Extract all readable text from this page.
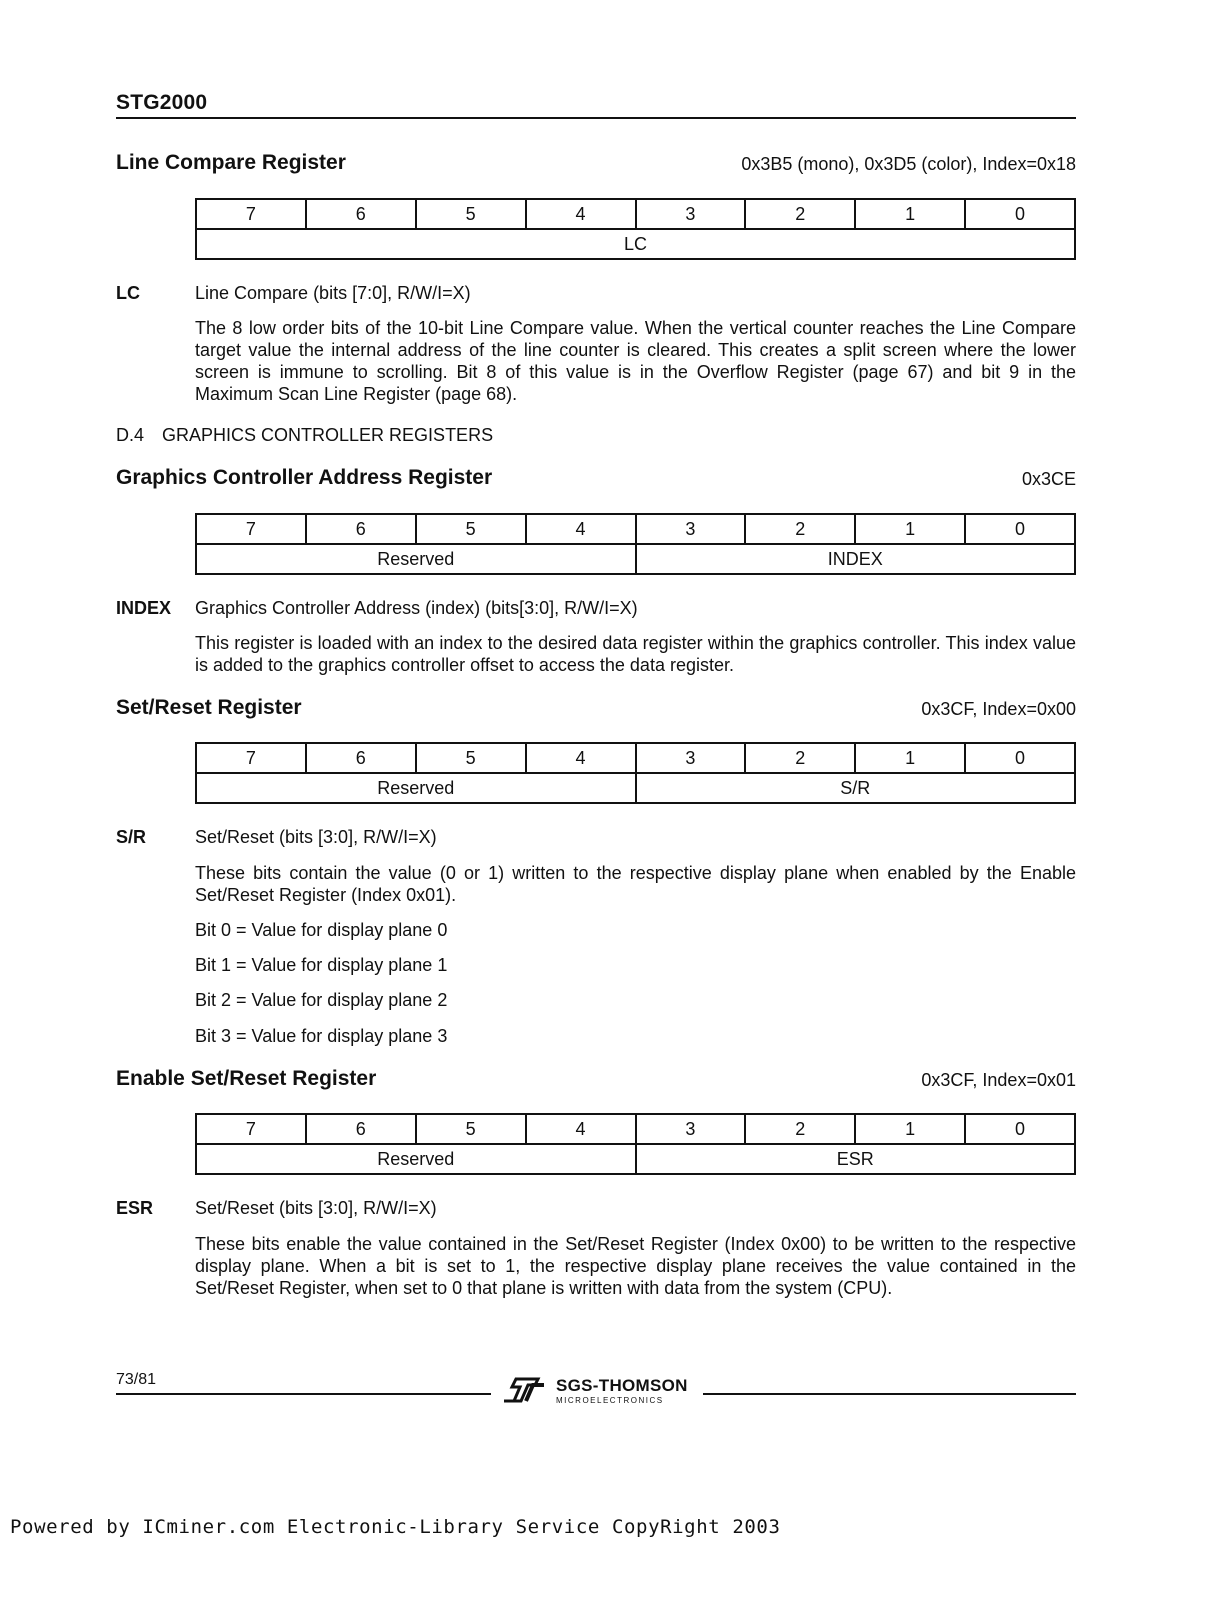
STG2000
Line Compare Register	0x3B5 (mono), 0x3D5 (color), Index=0x18
7	6	5	4	3	2	1	0
LC
LC	Line Compare (bits [7:0], R/W/I=X)
The 8 low order bits of the 10-bit Line Compare value. When the vertical counter reaches the Line Compare target value the internal address of the line counter is cleared. This creates a split screen where the lower screen is immune to scrolling. Bit 8 of this value is in the Overflow Register (page 67) and bit 9 in the Maximum Scan Line Register (page 68).
D.4 GRAPHICS CONTROLLER REGISTERS
Graphics Controller Address Register	0x3CE
7	6	5	4	3	2	1	0
Reserved				INDEX			
INDEX Graphics Controller Address (index) (bits[3:0], R/W/I=X)
This register is loaded with an index to the desired data register within the graphics controller. This index value is added to the graphics controller offset to access the data register.
Set/Reset Register	0x3CF, Index=0x00
7	6	5	4	3	2	1	0
Reserved				S/R			
S/R	Set/Reset (bits [3:0], R/W/I=X)
These bits contain the value (0 or 1) written to the respective display plane when enabled by the Enable Set/Reset Register (Index 0x01).
Bit 0 = Value for display plane 0
Bit 1 = Value for display plane 1
Bit 2 = Value for display plane 2
Bit 3 = Value for display plane 3
Enable Set/Reset Register	0x3CF, Index=0x01
7	6	5	4	3	2	1	0
Reserved				ESR			
ESR Set/Reset (bits [3:0], R/W/I=X)
These bits enable the value contained in the Set/Reset Register (Index 0x00) to be written to the respective display plane. When a bit is set to 1, the respective display plane receives the value contained in the Set/Reset Register, when set to 0 that plane is written with data from the system (CPU).
73/81	SGS-THOMSON
MICROELECTRONICS
Powered by ICminer.com Electronic-Library Service CopyRight 2003
